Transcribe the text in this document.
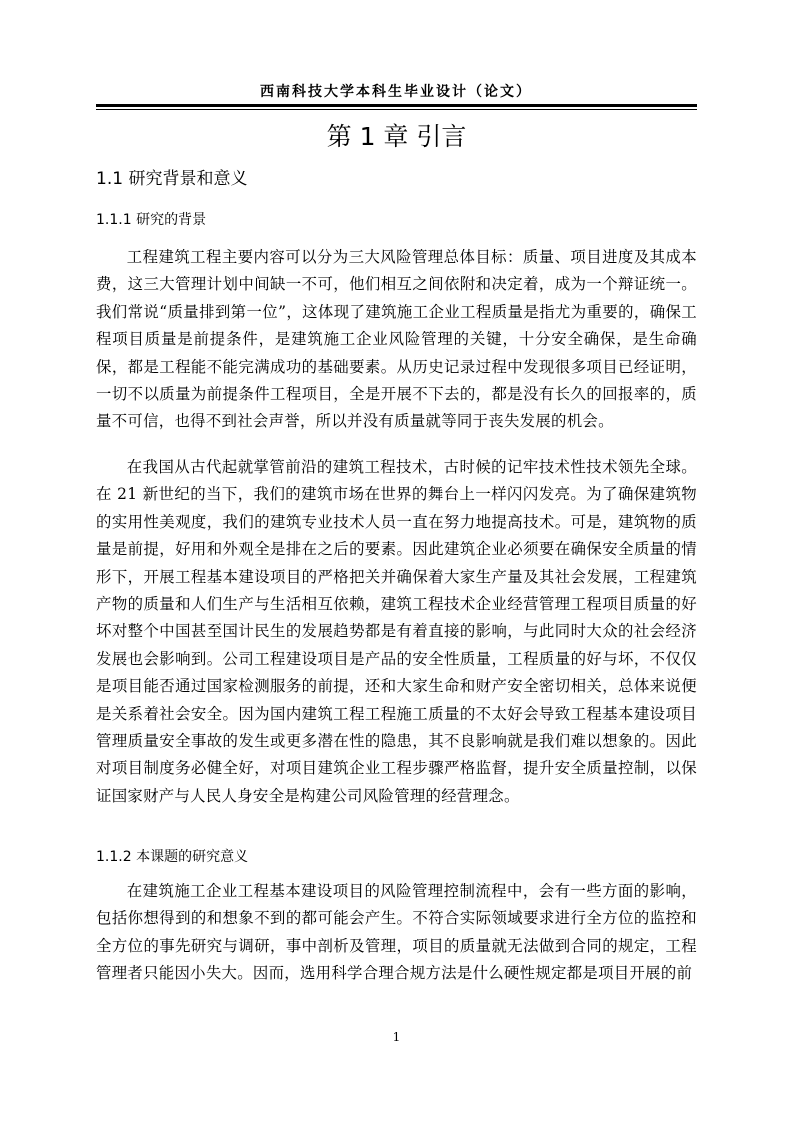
西南科技大学本科生毕业设计（论文）
第 1 章 引言
1.1 研究背景和意义
1.1.1 研究的背景

工程建筑工程主要内容可以分为三大风险管理总体目标：质量、项目进度及其成本费，这三大管理计划中间缺一不可，他们相互之间依附和决定着，成为一个辩证统一。我们常说“质量排到第一位”，这体现了建筑施工企业工程质量是指尤为重要的，确保工程项目质量是前提条件，是建筑施工企业风险管理的关键，十分安全确保，是生命确保，都是工程能不能完满成功的基础要素。从历史记录过程中发现很多项目已经证明，一切不以质量为前提条件工程项目，全是开展不下去的，都是没有长久的回报率的，质量不可信，也得不到社会声誉，所以并没有质量就等同于丧失发展的机会。

在我国从古代起就掌管前沿的建筑工程技术，古时候的记牢技术性技术领先全球。在 21 新世纪的当下，我们的建筑市场在世界的舞台上一样闪闪发亮。为了确保建筑物的实用性美观度，我们的建筑专业技术人员一直在努力地提高技术。可是，建筑物的质量是前提，好用和外观全是排在之后的要素。因此建筑企业必须要在确保安全质量的情形下，开展工程基本建设项目的严格把关并确保着大家生产量及其社会发展，工程建筑产物的质量和人们生产与生活相互依赖，建筑工程技术企业经营管理工程项目质量的好坏对整个中国甚至国计民生的发展趋势都是有着直接的影响，与此同时大众的社会经济发展也会影响到。公司工程建设项目是产品的安全性质量，工程质量的好与坏，不仅仅是项目能否通过国家检测服务的前提，还和大家生命和财产安全密切相关，总体来说便是关系着社会安全。因为国内建筑工程工程施工质量的不太好会导致工程基本建设项目管理质量安全事故的发生或更多潜在性的隐患，其不良影响就是我们难以想象的。因此对项目制度务必健全好，对项目建筑企业工程步骤严格监督，提升安全质量控制，以保证国家财产与人民人身安全是构建公司风险管理的经营理念。

1.1.2 本课题的研究意义

在建筑施工企业工程基本建设项目的风险管理控制流程中，会有一些方面的影响，包括你想得到的和想象不到的都可能会产生。不符合实际领域要求进行全方位的监控和全方位的事先研究与调研，事中剖析及管理，项目的质量就无法做到合同的规定，工程管理者只能因小失大。因而，选用科学合理合规方法是什么硬性规定都是项目开展的前

1
